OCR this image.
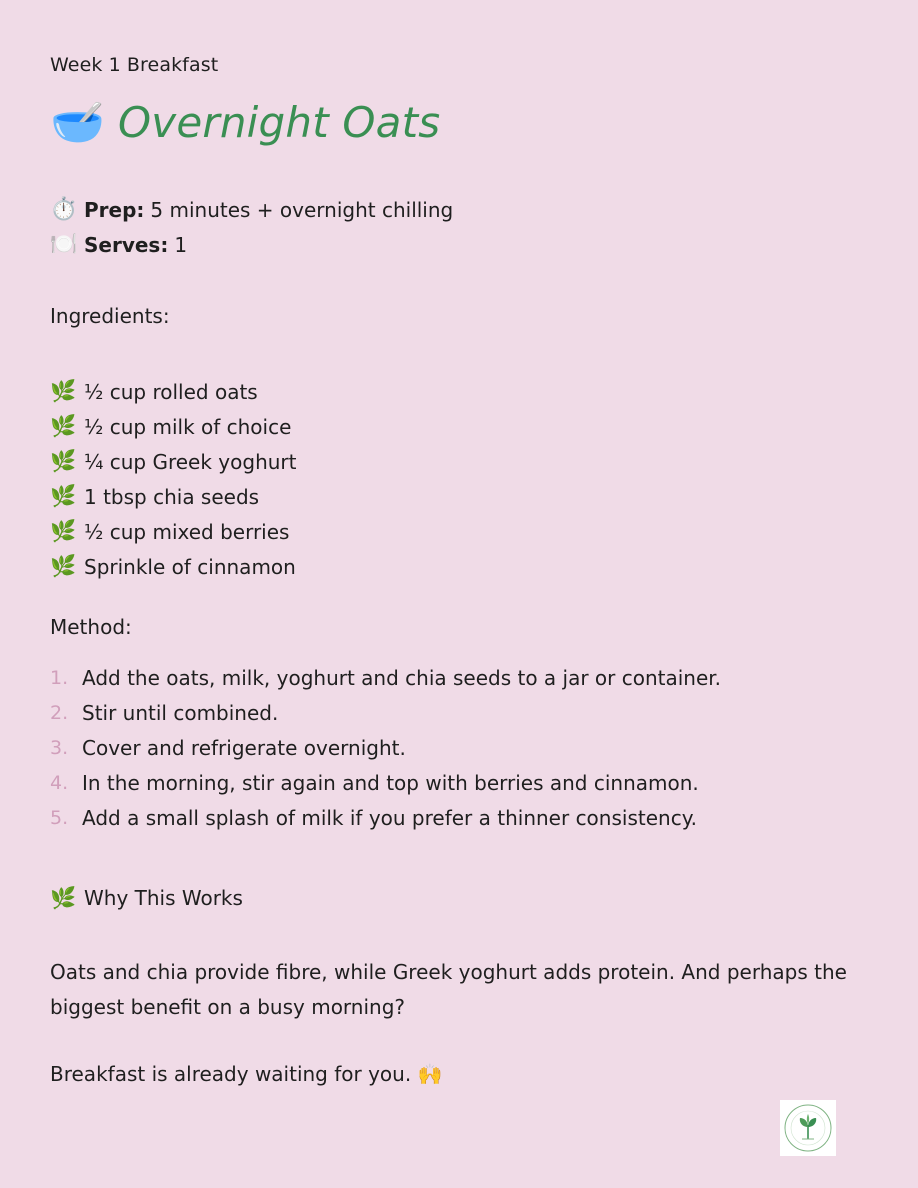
Week 1 Breakfast
🥣 Overnight Oats
⏱️ Prep: 5 minutes + overnight chilling
🍽️ Serves: 1
Ingredients:
🌿 ½ cup rolled oats
🌿 ½ cup milk of choice
🌿 ¼ cup Greek yoghurt
🌿 1 tbsp chia seeds
🌿 ½ cup mixed berries
🌿 Sprinkle of cinnamon
Method:
1. Add the oats, milk, yoghurt and chia seeds to a jar or container.
2. Stir until combined.
3. Cover and refrigerate overnight.
4. In the morning, stir again and top with berries and cinnamon.
5. Add a small splash of milk if you prefer a thinner consistency.
🌿 Why This Works
Oats and chia provide fibre, while Greek yoghurt adds protein. And perhaps the biggest benefit on a busy morning?
Breakfast is already waiting for you. 🙌
